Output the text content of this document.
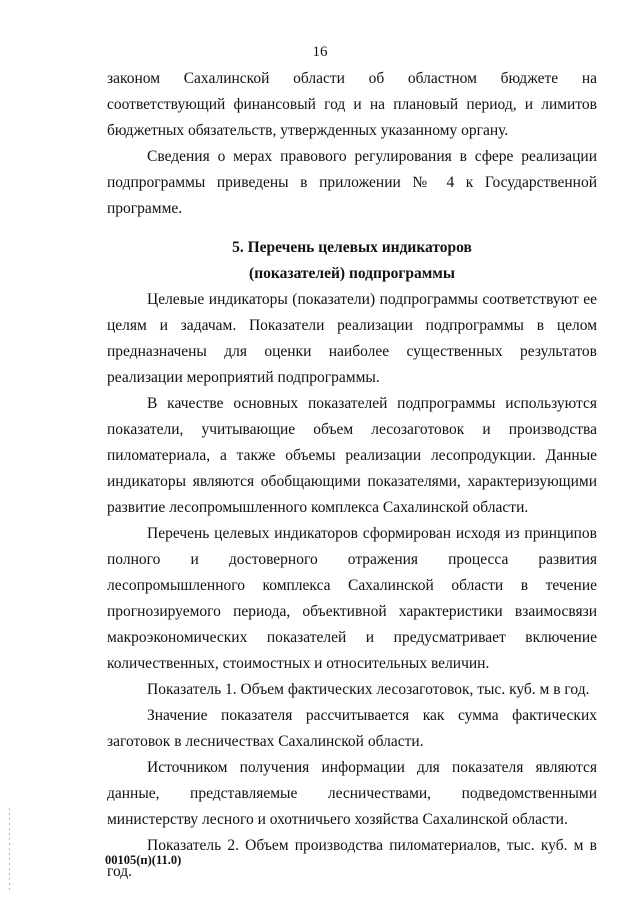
16

законом Сахалинской области об областном бюджете на соответствующий финансовый год и на плановый период, и лимитов бюджетных обязательств, утвержденных указанному органу.

Сведения о мерах правового регулирования в сфере реализации подпрограммы приведены в приложении № 4 к Государственной программе.

5. Перечень целевых индикаторов
(показателей) подпрограммы

Целевые индикаторы (показатели) подпрограммы соответствуют ее целям и задачам. Показатели реализации подпрограммы в целом предназначены для оценки наиболее существенных результатов реализации мероприятий подпрограммы.

В качестве основных показателей подпрограммы используются показатели, учитывающие объем лесозаготовок и производства пиломатериала, а также объемы реализации лесопродукции. Данные индикаторы являются обобщающими показателями, характеризующими развитие лесопромышленного комплекса Сахалинской области.

Перечень целевых индикаторов сформирован исходя из принципов полного и достоверного отражения процесса развития лесопромышленного комплекса Сахалинской области в течение прогнозируемого периода, объективной характеристики взаимосвязи макроэкономических показателей и предусматривает включение количественных, стоимостных и относительных величин.

Показатель 1. Объем фактических лесозаготовок, тыс. куб. м в год.

Значение показателя рассчитывается как сумма фактических заготовок в лесничествах Сахалинской области.

Источником получения информации для показателя являются данные, представляемые лесничествами, подведомственными министерству лесного и охотничьего хозяйства Сахалинской области.

Показатель 2. Объем производства пиломатериалов, тыс. куб. м в год.

00105(п)(11.0)
